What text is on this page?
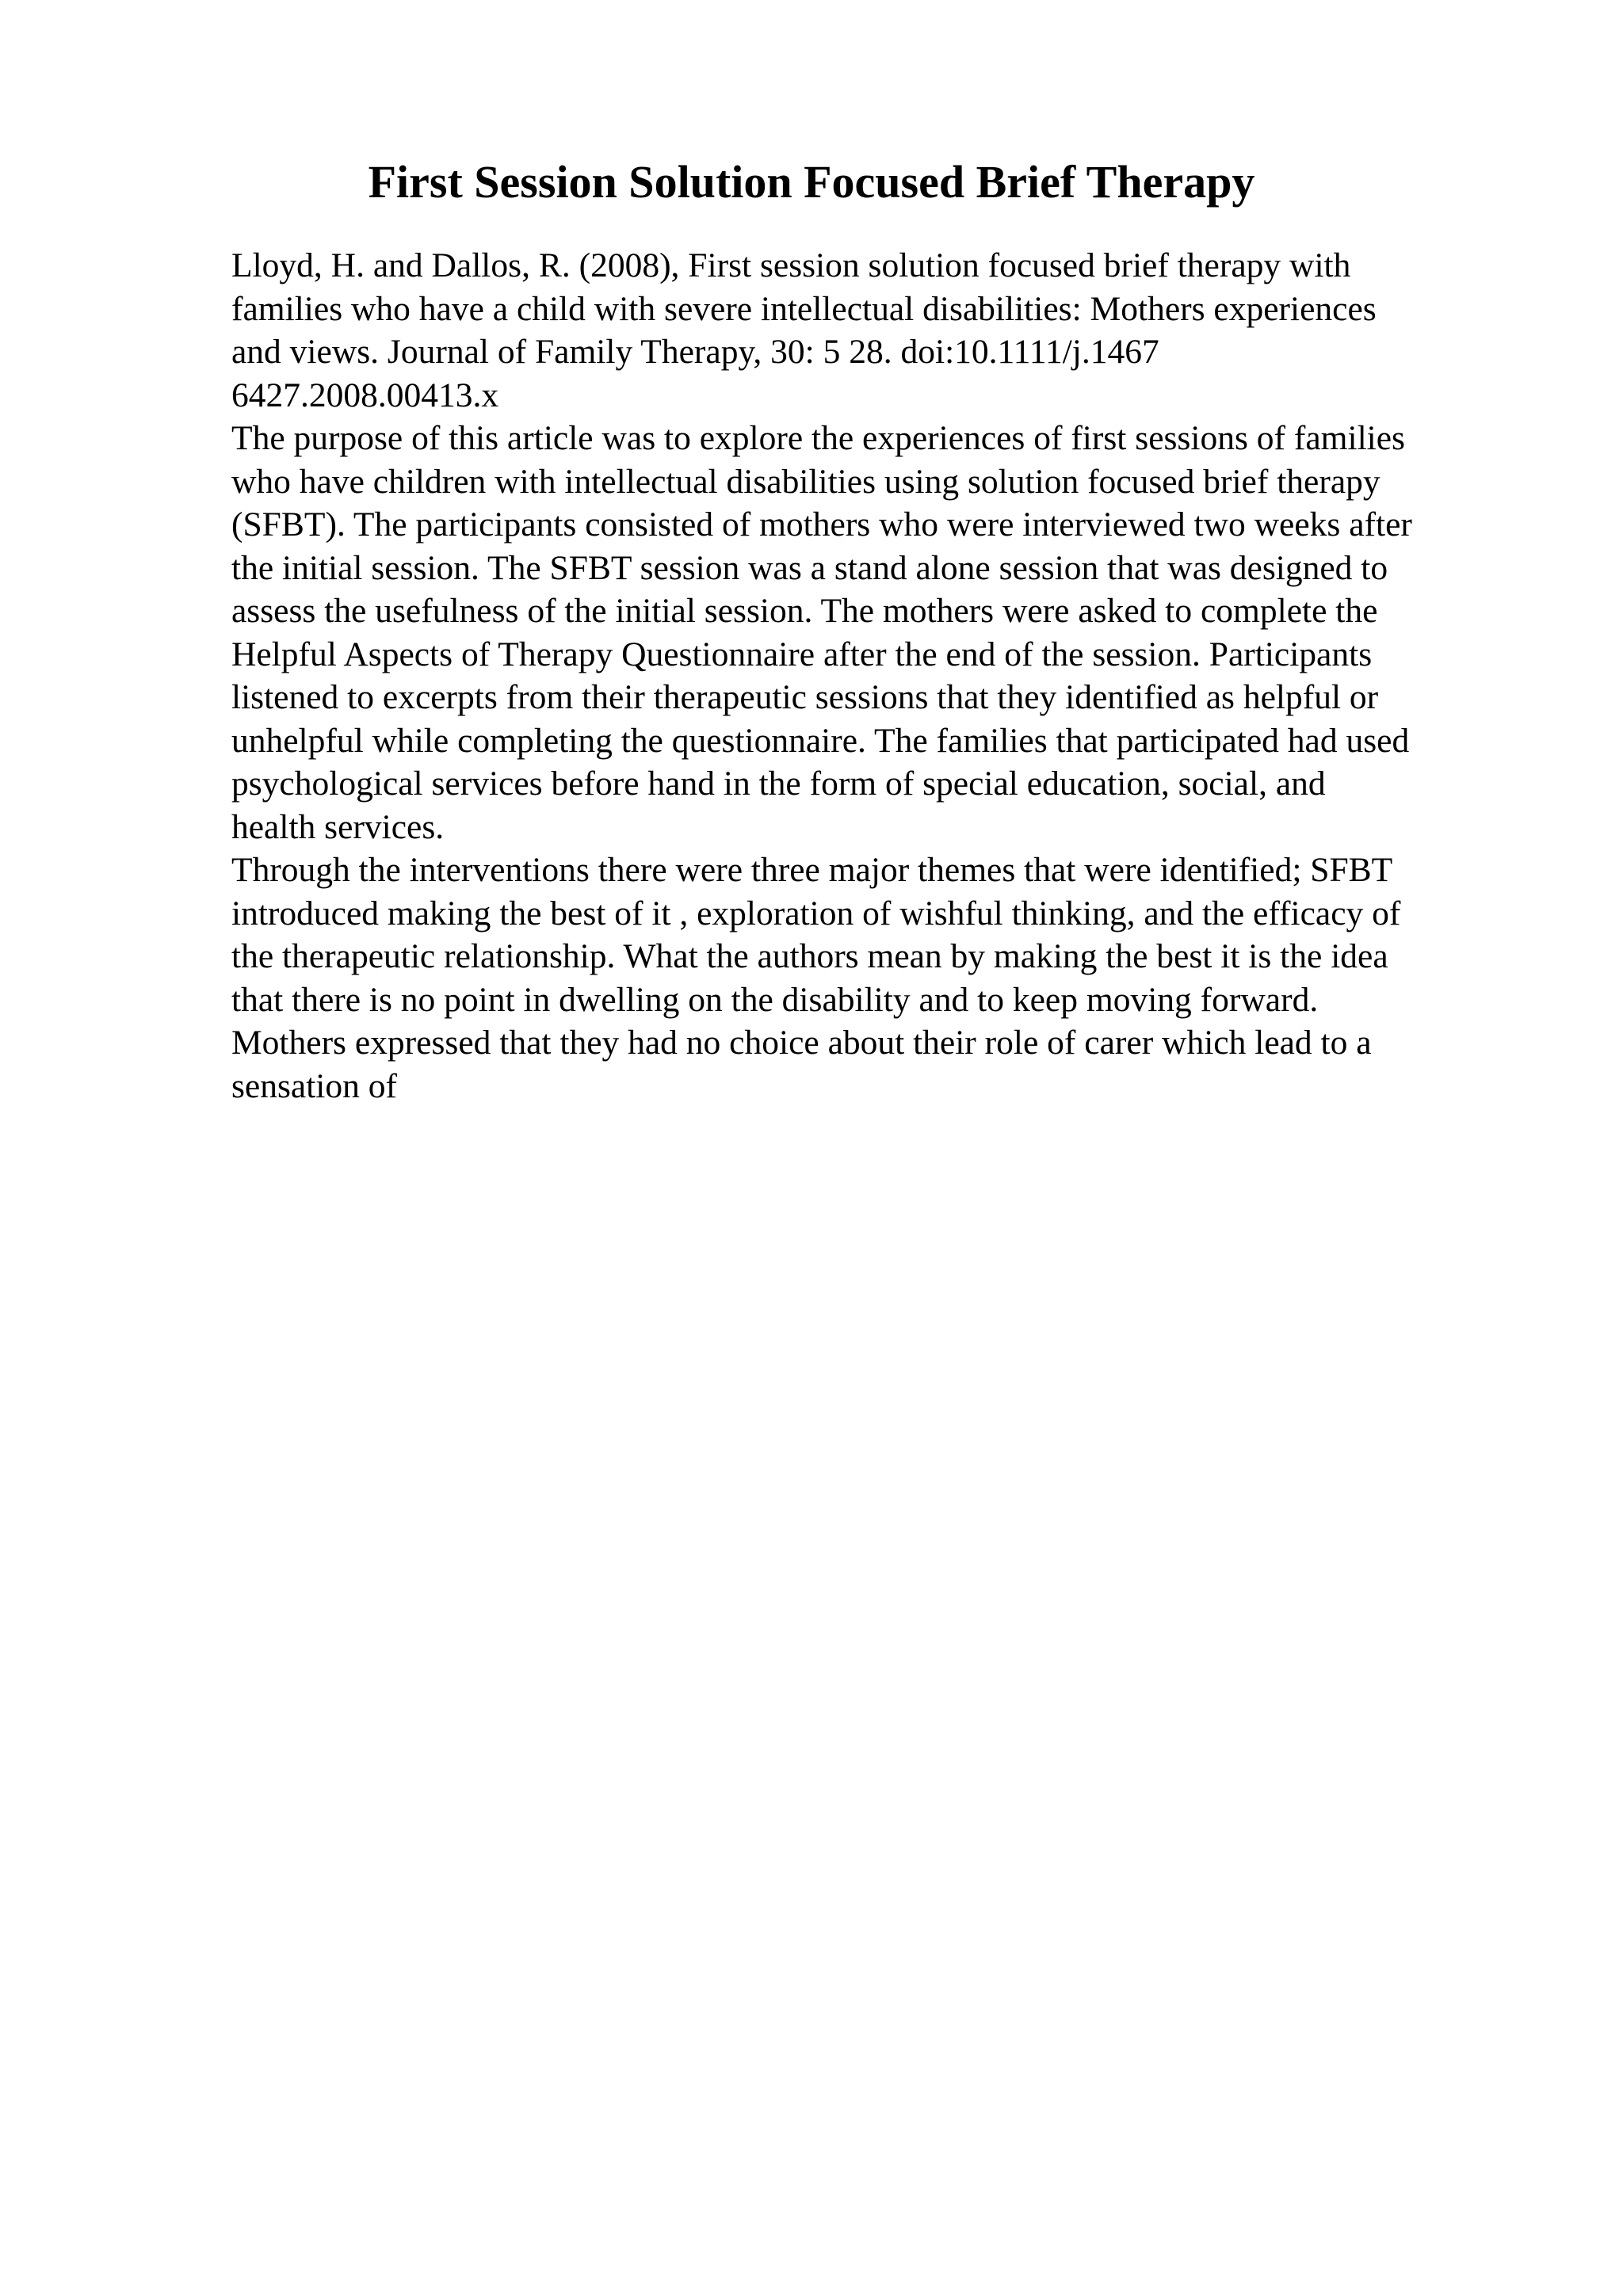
First Session Solution Focused Brief Therapy
Lloyd, H. and Dallos, R. (2008), First session solution focused brief therapy with
families who have a child with severe intellectual disabilities: Mothers experiences
and views. Journal of Family Therapy, 30: 5 28. doi:10.1111/j.1467
6427.2008.00413.x
The purpose of this article was to explore the experiences of first sessions of families
who have children with intellectual disabilities using solution focused brief therapy
(SFBT). The participants consisted of mothers who were interviewed two weeks after
the initial session. The SFBT session was a stand alone session that was designed to
assess the usefulness of the initial session. The mothers were asked to complete the
Helpful Aspects of Therapy Questionnaire after the end of the session. Participants
listened to excerpts from their therapeutic sessions that they identified as helpful or
unhelpful while completing the questionnaire. The families that participated had used
psychological services before hand in the form of special education, social, and
health services.
Through the interventions there were three major themes that were identified; SFBT
introduced making the best of it , exploration of wishful thinking, and the efficacy of
the therapeutic relationship. What the authors mean by making the best it is the idea
that there is no point in dwelling on the disability and to keep moving forward.
Mothers expressed that they had no choice about their role of carer which lead to a
sensation of
